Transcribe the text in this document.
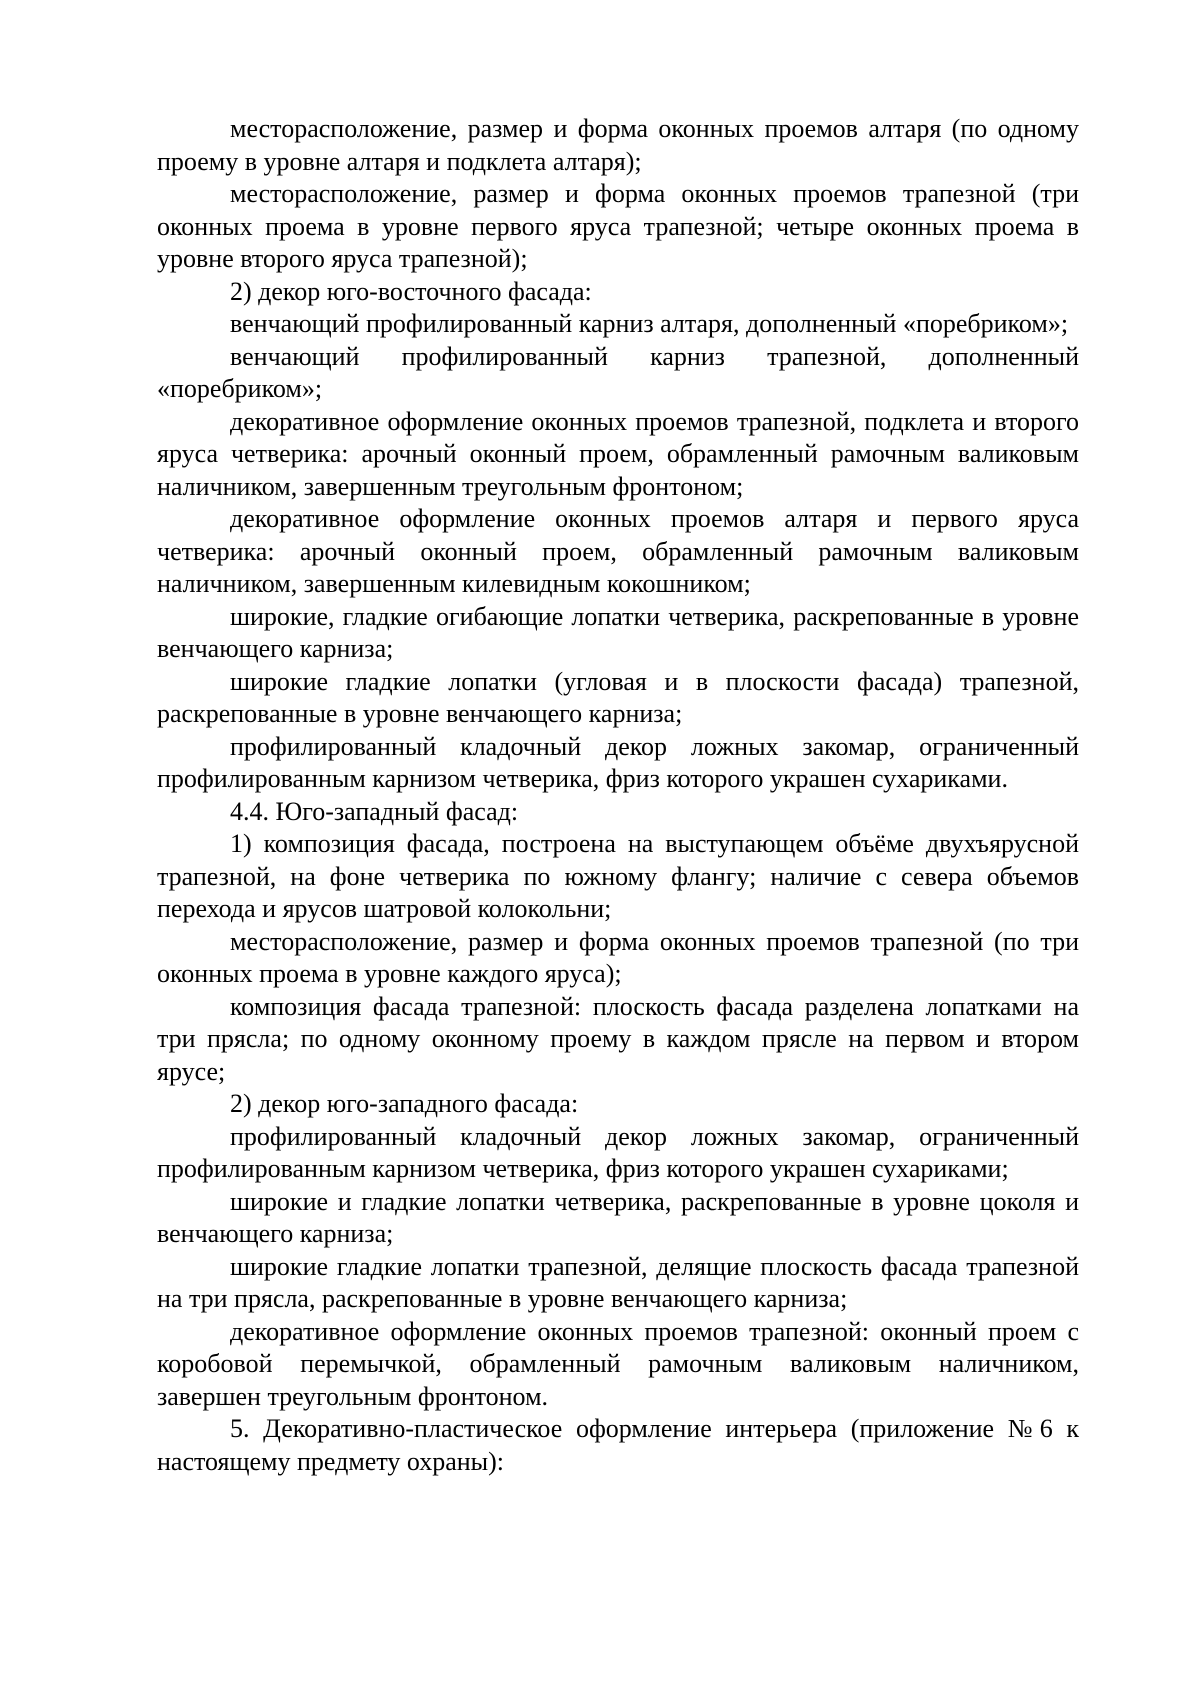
месторасположение, размер и форма оконных проемов алтаря (по одному проему в уровне алтаря и подклета алтаря);

месторасположение, размер и форма оконных проемов трапезной (три оконных проема в уровне первого яруса трапезной; четыре оконных проема в уровне второго яруса трапезной);

2) декор юго-восточного фасада:

венчающий профилированный карниз алтаря, дополненный «поребриком»;

венчающий профилированный карниз трапезной, дополненный «поребриком»;

декоративное оформление оконных проемов трапезной, подклета и второго яруса четверика: арочный оконный проем, обрамленный рамочным валиковым наличником, завершенным треугольным фронтоном;

декоративное оформление оконных проемов алтаря и первого яруса четверика: арочный оконный проем, обрамленный рамочным валиковым наличником, завершенным килевидным кокошником;

широкие, гладкие огибающие лопатки четверика, раскрепованные в уровне венчающего карниза;

широкие гладкие лопатки (угловая и в плоскости фасада) трапезной, раскрепованные в уровне венчающего карниза;

профилированный кладочный декор ложных закомар, ограниченный профилированным карнизом четверика, фриз которого украшен сухариками.

4.4. Юго-западный фасад:

1) композиция фасада, построена на выступающем объёме двухъярусной трапезной, на фоне четверика по южному флангу; наличие с севера объемов перехода и ярусов шатровой колокольни;

месторасположение, размер и форма оконных проемов трапезной (по три оконных проема в уровне каждого яруса);

композиция фасада трапезной: плоскость фасада разделена лопатками на три прясла; по одному оконному проему в каждом прясле на первом и втором ярусе;

2) декор юго-западного фасада:

профилированный кладочный декор ложных закомар, ограниченный профилированным карнизом четверика, фриз которого украшен сухариками;

широкие и гладкие лопатки четверика, раскрепованные в уровне цоколя и венчающего карниза;

широкие гладкие лопатки трапезной, делящие плоскость фасада трапезной на три прясла, раскрепованные в уровне венчающего карниза;

декоративное оформление оконных проемов трапезной: оконный проем с коробовой перемычкой, обрамленный рамочным валиковым наличником, завершен треугольным фронтоном.

5. Декоративно-пластическое оформление интерьера (приложение №6 к настоящему предмету охраны):
